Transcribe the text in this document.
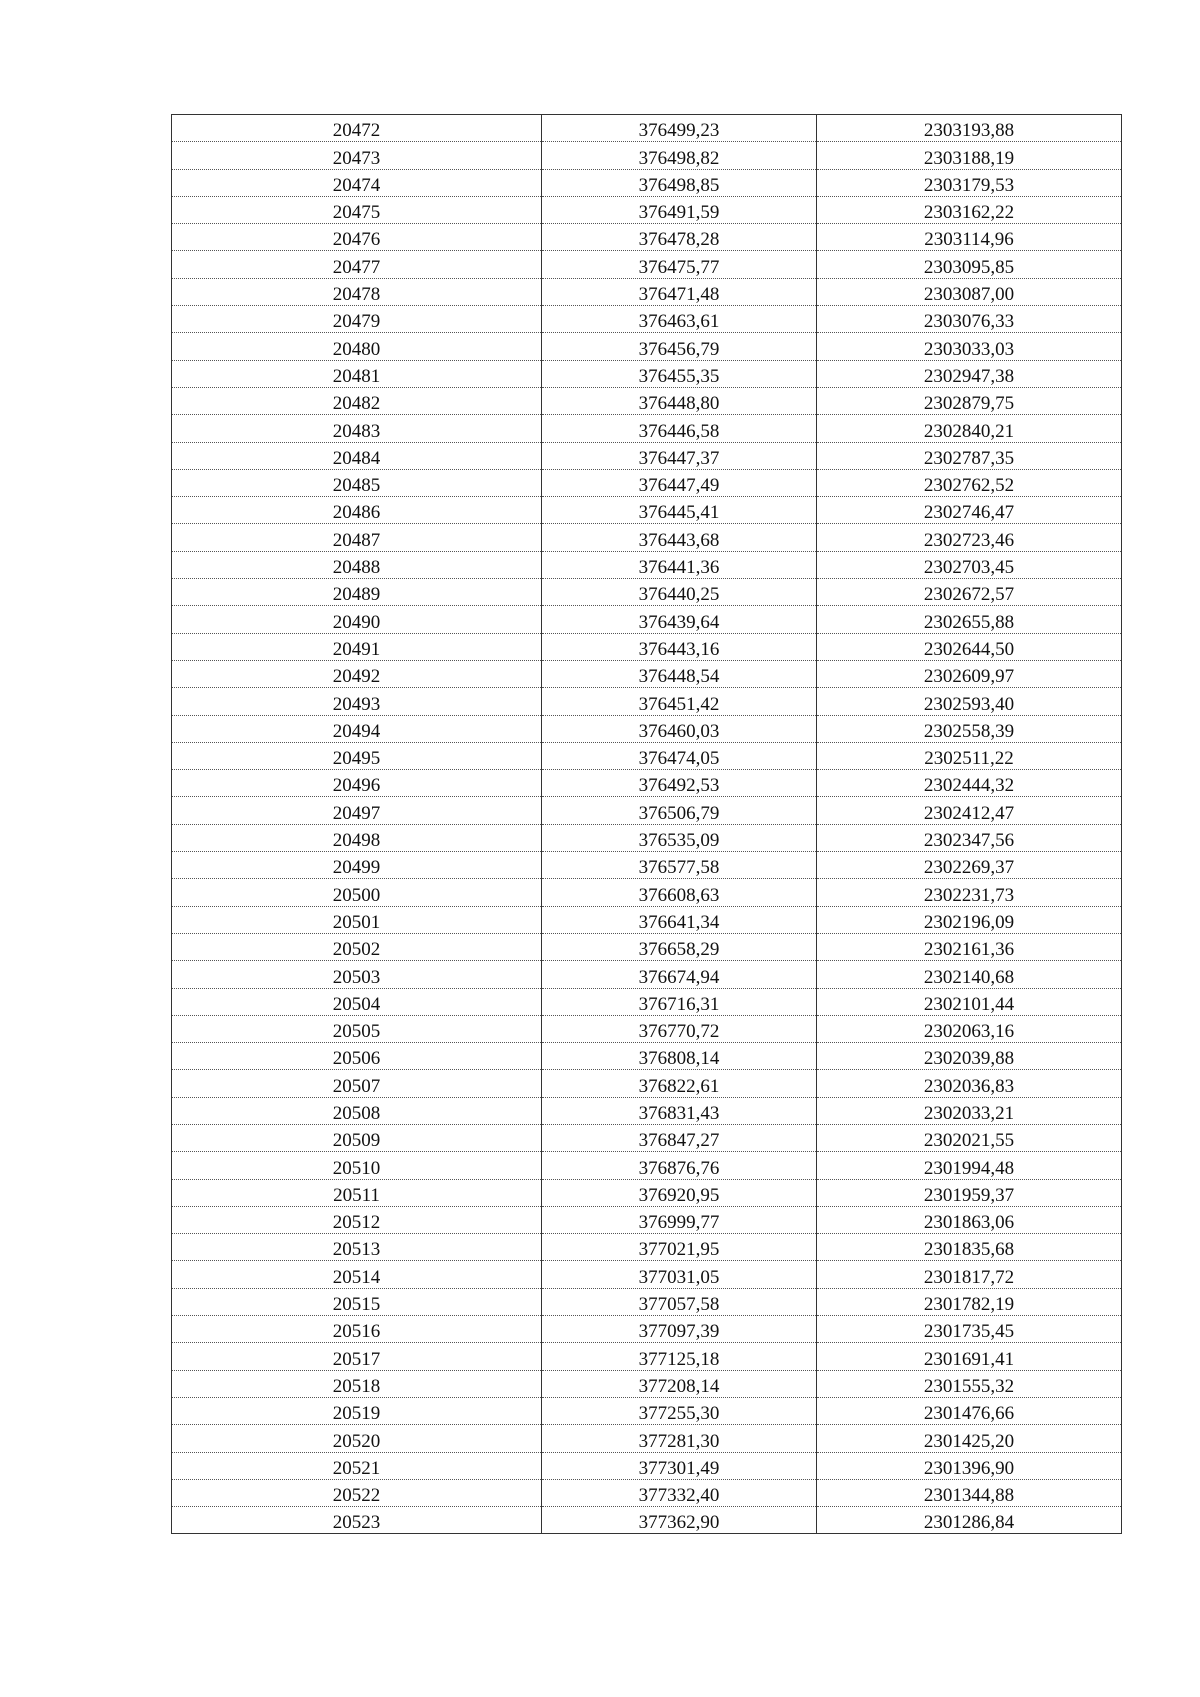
20472	376499,23	2303193,88
20473	376498,82	2303188,19
20474	376498,85	2303179,53
20475	376491,59	2303162,22
20476	376478,28	2303114,96
20477	376475,77	2303095,85
20478	376471,48	2303087,00
20479	376463,61	2303076,33
20480	376456,79	2303033,03
20481	376455,35	2302947,38
20482	376448,80	2302879,75
20483	376446,58	2302840,21
20484	376447,37	2302787,35
20485	376447,49	2302762,52
20486	376445,41	2302746,47
20487	376443,68	2302723,46
20488	376441,36	2302703,45
20489	376440,25	2302672,57
20490	376439,64	2302655,88
20491	376443,16	2302644,50
20492	376448,54	2302609,97
20493	376451,42	2302593,40
20494	376460,03	2302558,39
20495	376474,05	2302511,22
20496	376492,53	2302444,32
20497	376506,79	2302412,47
20498	376535,09	2302347,56
20499	376577,58	2302269,37
20500	376608,63	2302231,73
20501	376641,34	2302196,09
20502	376658,29	2302161,36
20503	376674,94	2302140,68
20504	376716,31	2302101,44
20505	376770,72	2302063,16
20506	376808,14	2302039,88
20507	376822,61	2302036,83
20508	376831,43	2302033,21
20509	376847,27	2302021,55
20510	376876,76	2301994,48
20511	376920,95	2301959,37
20512	376999,77	2301863,06
20513	377021,95	2301835,68
20514	377031,05	2301817,72
20515	377057,58	2301782,19
20516	377097,39	2301735,45
20517	377125,18	2301691,41
20518	377208,14	2301555,32
20519	377255,30	2301476,66
20520	377281,30	2301425,20
20521	377301,49	2301396,90
20522	377332,40	2301344,88
20523	377362,90	2301286,84
